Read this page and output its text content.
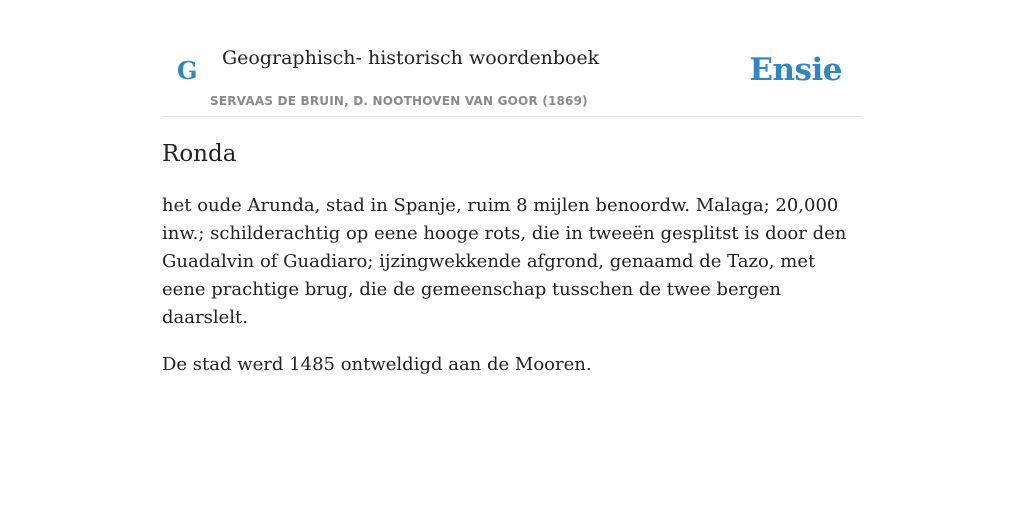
G Geographisch- historisch woordenboek
SERVAAS DE BRUIN, D. NOOTHOVEN VAN GOOR (1869)
Ensie
Ronda

het oude Arunda, stad in Spanje, ruim 8 mijlen benoordw. Malaga; 20,000 inw.; schilderachtig op eene hooge rots, die in tweeën gesplitst is door den Guadalvin of Guadiaro; ijzingwekkende afgrond, genaamd de Tazo, met eene prachtige brug, die de gemeenschap tusschen de twee bergen daarslelt.

De stad werd 1485 ontweldigd aan de Mooren.
